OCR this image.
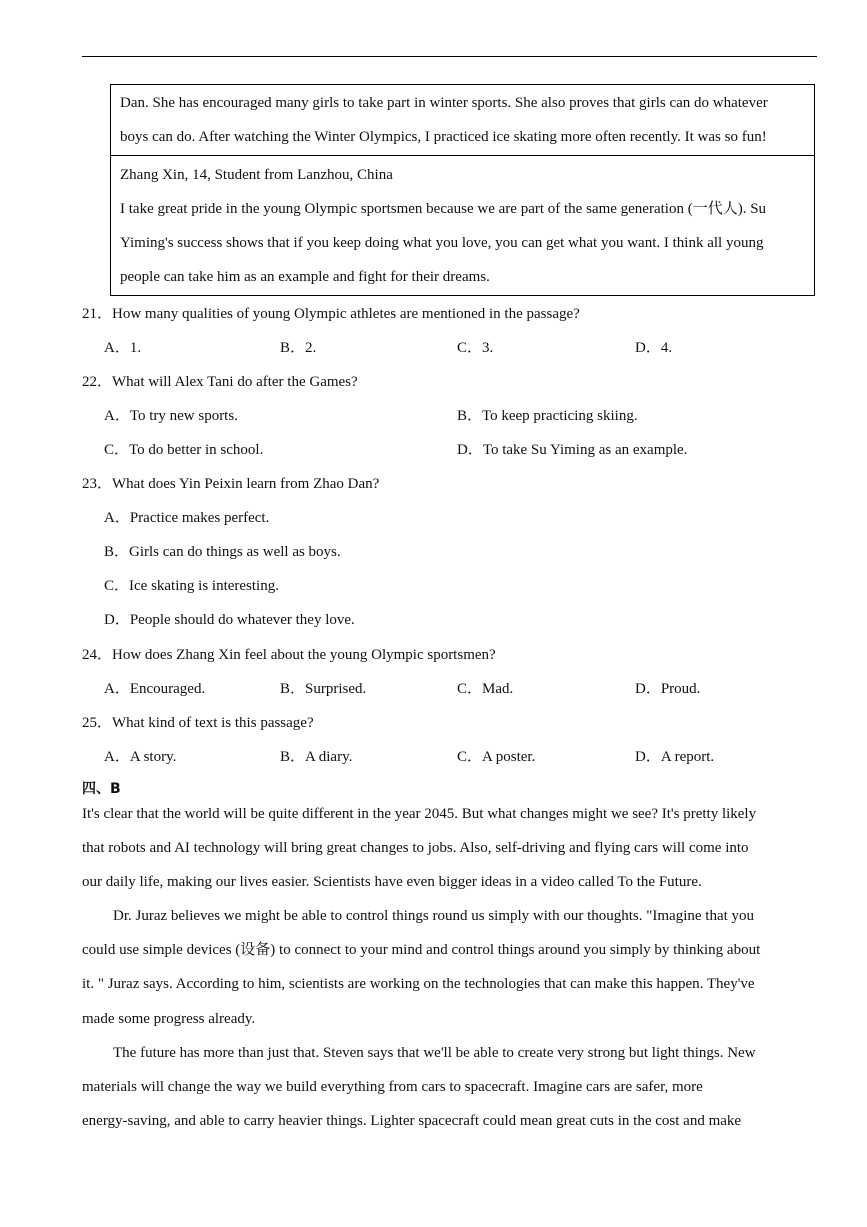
Dan. She has encouraged many girls to take part in winter sports. She also proves that girls can do whatever
boys can do. After watching the Winter Olympics, I practiced ice skating more often recently. It was so fun!
Zhang Xin, 14, Student from Lanzhou, China
I take great pride in the young Olympic sportsmen because we are part of the same generation (一代人). Su
Yiming's success shows that if you keep doing what you love, you can get what you want. I think all young
people can take him as an example and fight for their dreams.
21．How many qualities of young Olympic athletes are mentioned in the passage?
A．1.	B．2.	C．3.	D．4.
22．What will Alex Tani do after the Games?
A．To try new sports.	B．To keep practicing skiing.
C．To do better in school.	D．To take Su Yiming as an example.
23．What does Yin Peixin learn from Zhao Dan?
A．Practice makes perfect.
B．Girls can do things as well as boys.
C．Ice skating is interesting.
D．People should do whatever they love.
24．How does Zhang Xin feel about the young Olympic sportsmen?
A．Encouraged.	B．Surprised.	C．Mad.	D．Proud.
25．What kind of text is this passage?
A．A story.	B．A diary.	C．A poster.	D．A report.
四、B
It's clear that the world will be quite different in the year 2045. But what changes might we see? It's pretty likely
that robots and AI technology will bring great changes to jobs. Also, self-driving and flying cars will come into
our daily life, making our lives easier. Scientists have even bigger ideas in a video called To the Future.
Dr. Juraz believes we might be able to control things round us simply with our thoughts. "Imagine that you
could use simple devices (设备) to connect to your mind and control things around you simply by thinking about
it. " Juraz says. According to him, scientists are working on the technologies that can make this happen. They've
made some progress already.
The future has more than just that. Steven says that we'll be able to create very strong but light things. New
materials will change the way we build everything from cars to spacecraft. Imagine cars are safer, more
energy-saving, and able to carry heavier things. Lighter spacecraft could mean great cuts in the cost and make
